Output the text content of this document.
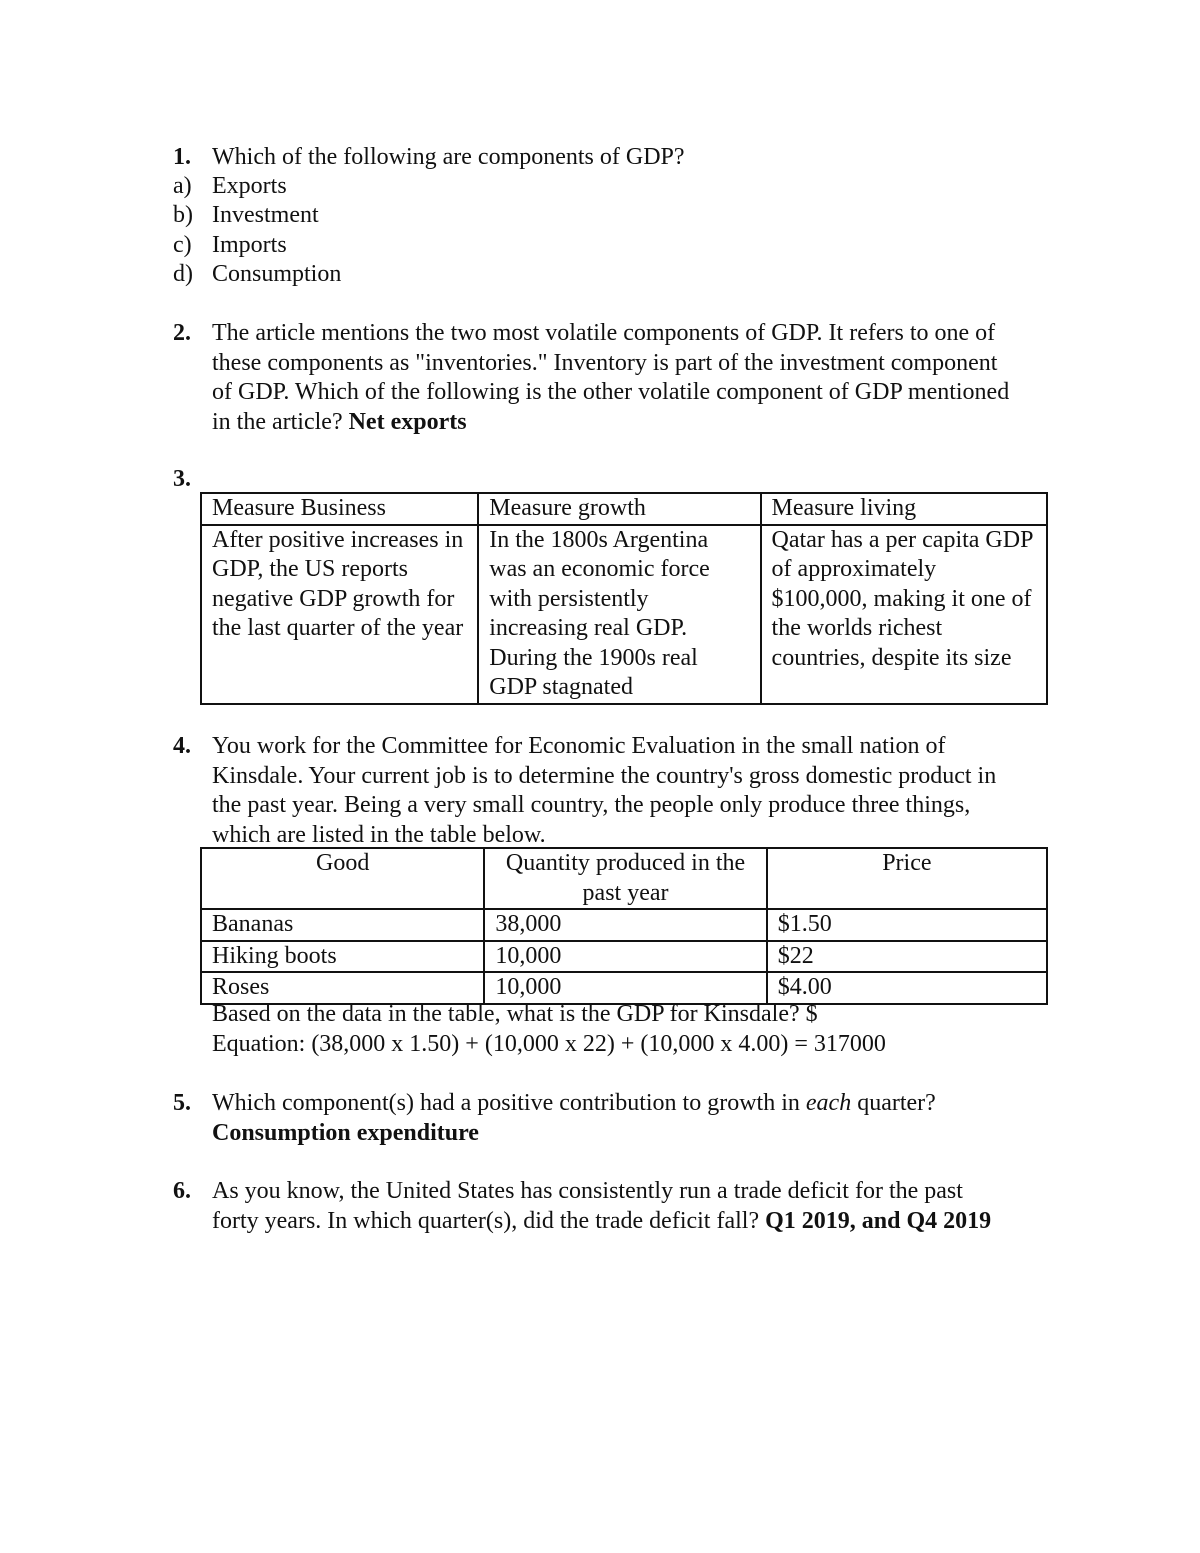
1. Which of the following are components of GDP?
a) Exports
b) Investment
c) Imports
d) Consumption
2. The article mentions the two most volatile components of GDP. It refers to one of
these components as "inventories." Inventory is part of the investment component
of GDP. Which of the following is the other volatile component of GDP mentioned
in the article? Net exports
3.
Measure Business	Measure growth	Measure living
After positive increases in GDP, the US reports negative GDP growth for the last quarter of the year	In the 1800s Argentina was an economic force with persistently increasing real GDP. During the 1900s real GDP stagnated	Qatar has a per capita GDP of approximately $100,000, making it one of the worlds richest countries, despite its size
4. You work for the Committee for Economic Evaluation in the small nation of
Kinsdale. Your current job is to determine the country's gross domestic product in
the past year. Being a very small country, the people only produce three things,
which are listed in the table below.
Good	Quantity produced in the past year	Price
Bananas	38,000	$1.50
Hiking boots	10,000	$22
Roses	10,000	$4.00
Based on the data in the table, what is the GDP for Kinsdale? $
Equation: (38,000 x 1.50) + (10,000 x 22) + (10,000 x 4.00) = 317000
5. Which component(s) had a positive contribution to growth in each quarter?
Consumption expenditure
6. As you know, the United States has consistently run a trade deficit for the past
forty years. In which quarter(s), did the trade deficit fall? Q1 2019, and Q4 2019
